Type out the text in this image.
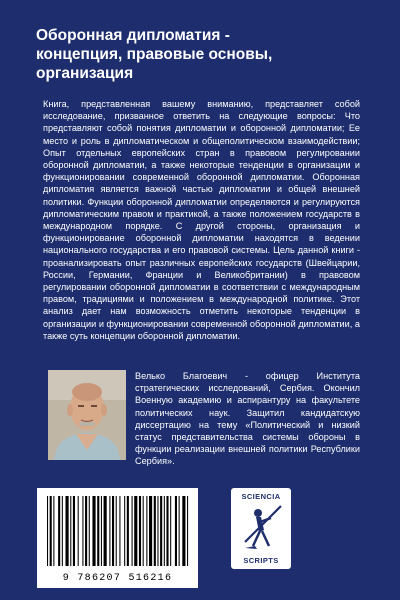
Оборонная дипломатия -
концепция, правовые основы,
организация
Книга, представленная вашему вниманию, представляет собой исследование, призванное ответить на следующие вопросы: Что представляют собой понятия дипломатии и оборонной дипломатии; Ее место и роль в дипломатическом и общеполитическом взаимодействии; Опыт отдельных европейских стран в правовом регулировании оборонной дипломатии, а также некоторые тенденции в организации и функционировании современной оборонной дипломатии. Оборонная дипломатия является важной частью дипломатии и общей внешней политики. Функции оборонной дипломатии определяются и регулируются дипломатическим правом и практикой, а также положением государств в международном порядке. С другой стороны, организация и функционирование оборонной дипломатии находятся в ведении национального государства и его правовой системы. Цель данной книги - проанализировать опыт различных европейских государств (Швейцарии, России, Германии, Франции и Великобритании) в правовом регулировании оборонной дипломатии в соответствии с международным правом, традициями и положением в международной политике. Этот анализ дает нам возможность отметить некоторые тенденции в организации и функционировании современной оборонной дипломатии, а также суть концепции оборонной дипломатии.
Велько Благоевич - офицер Института стратегических исследований, Сербия. Окончил Военную академию и аспирантуру на факультете политических наук. Защитил кандидатскую диссертацию на тему «Политический и низкий статус представительства системы обороны в функции реализации внешней политики Республики Сербия».
9 786207 516216
SCIENCIA
SCRIPTS
